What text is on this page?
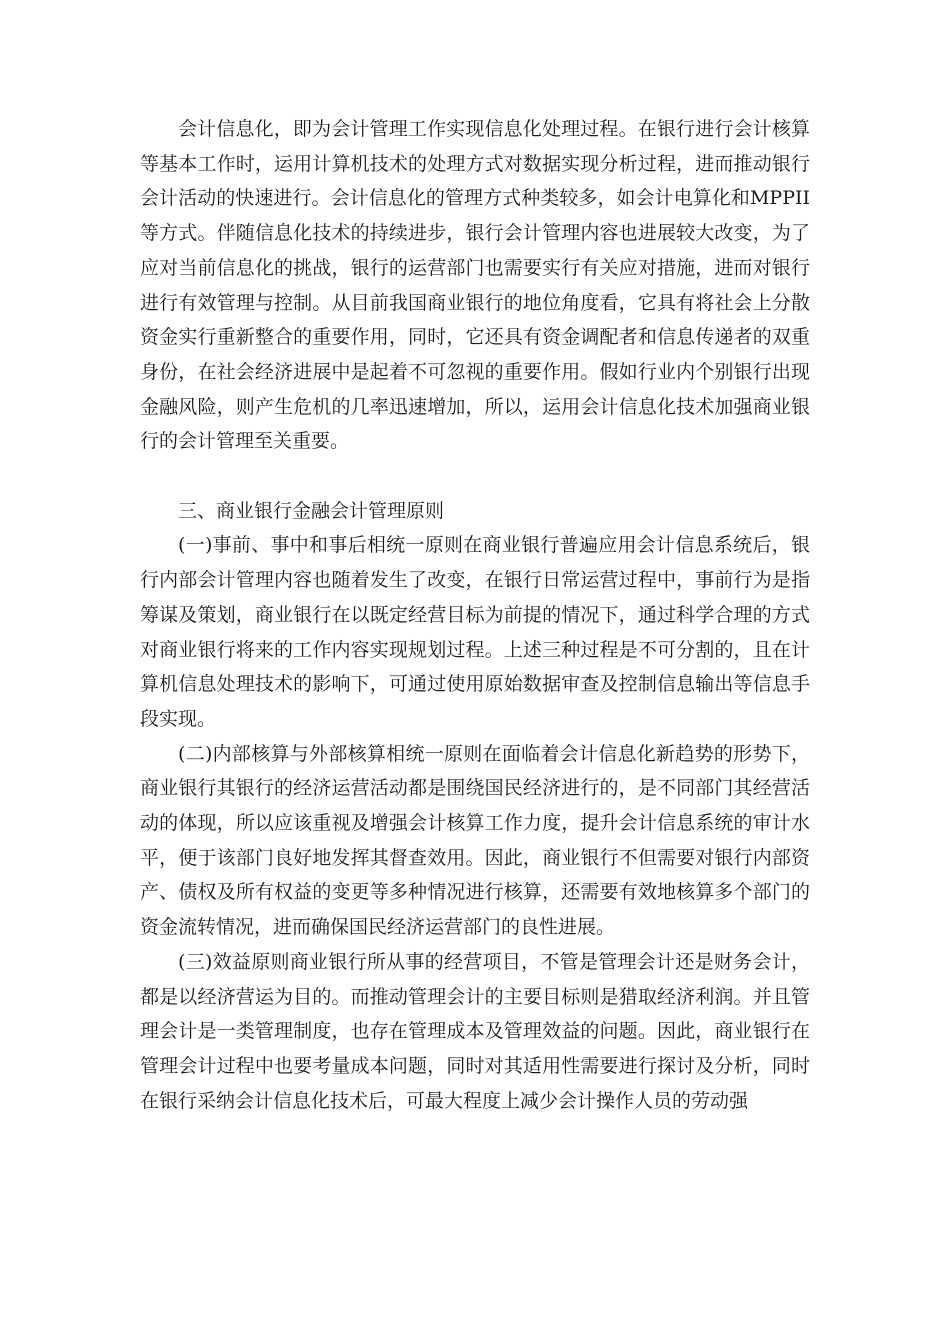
会计信息化，即为会计管理工作实现信息化处理过程。在银行进行会计核算等基本工作时，运用计算机技术的处理方式对数据实现分析过程，进而推动银行会计活动的快速进行。会计信息化的管理方式种类较多，如会计电算化和MPPII等方式。伴随信息化技术的持续进步，银行会计管理内容也进展较大改变，为了应对当前信息化的挑战，银行的运营部门也需要实行有关应对措施，进而对银行进行有效管理与控制。从目前我国商业银行的地位角度看，它具有将社会上分散资金实行重新整合的重要作用，同时，它还具有资金调配者和信息传递者的双重身份，在社会经济进展中是起着不可忽视的重要作用。假如行业内个别银行出现金融风险，则产生危机的几率迅速增加，所以，运用会计信息化技术加强商业银行的会计管理至关重要。

三、商业银行金融会计管理原则

(一)事前、事中和事后相统一原则在商业银行普遍应用会计信息系统后，银行内部会计管理内容也随着发生了改变，在银行日常运营过程中，事前行为是指筹谋及策划，商业银行在以既定经营目标为前提的情况下，通过科学合理的方式对商业银行将来的工作内容实现规划过程。上述三种过程是不可分割的，且在计算机信息处理技术的影响下，可通过使用原始数据审查及控制信息输出等信息手段实现。

(二)内部核算与外部核算相统一原则在面临着会计信息化新趋势的形势下，商业银行其银行的经济运营活动都是围绕国民经济进行的，是不同部门其经营活动的体现，所以应该重视及增强会计核算工作力度，提升会计信息系统的审计水平，便于该部门良好地发挥其督查效用。因此，商业银行不但需要对银行内部资产、债权及所有权益的变更等多种情况进行核算，还需要有效地核算多个部门的资金流转情况，进而确保国民经济运营部门的良性进展。

(三)效益原则商业银行所从事的经营项目，不管是管理会计还是财务会计，都是以经济营运为目的。而推动管理会计的主要目标则是猎取经济利润。并且管理会计是一类管理制度，也存在管理成本及管理效益的问题。因此，商业银行在管理会计过程中也要考量成本问题，同时对其适用性需要进行探讨及分析，同时在银行采纳会计信息化技术后，可最大程度上减少会计操作人员的劳动强
